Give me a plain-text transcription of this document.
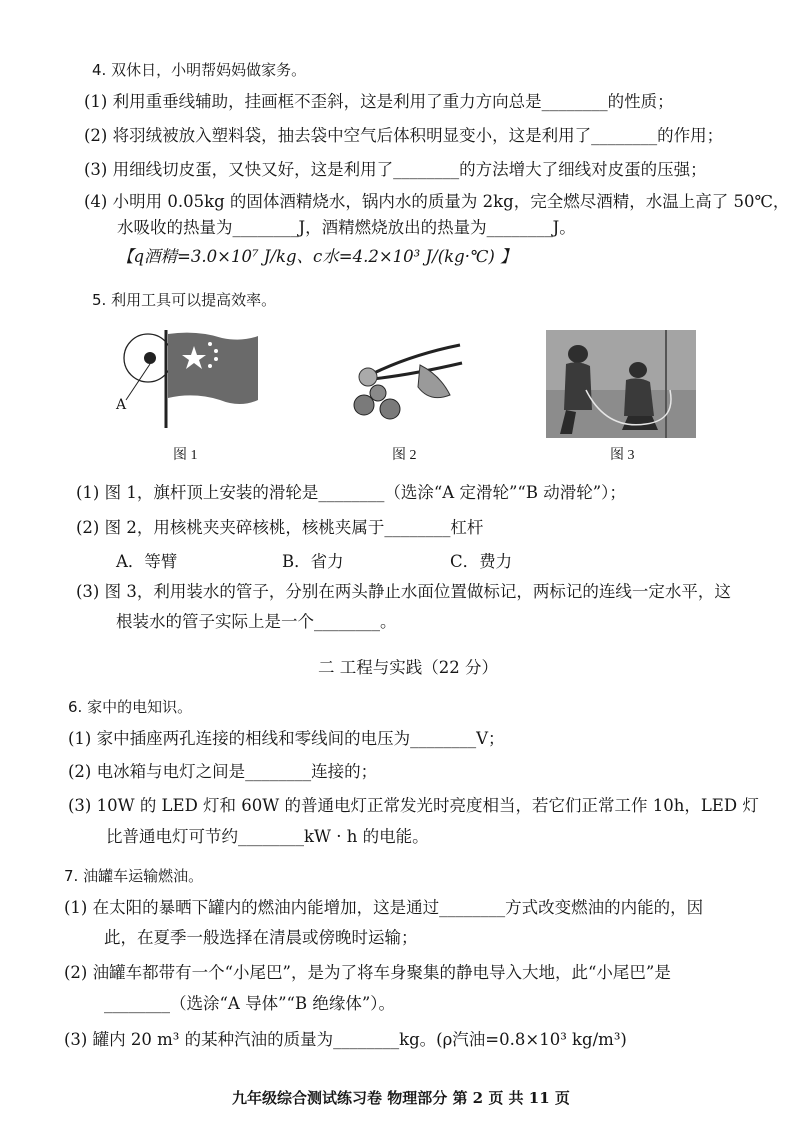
4. 双休日，小明帮妈妈做家务。
(1) 利用重垂线辅助，挂画框不歪斜，这是利用了重力方向总是________的性质；
(2) 将羽绒被放入塑料袋，抽去袋中空气后体积明显变小，这是利用了________的作用；
(3) 用细线切皮蛋，又快又好，这是利用了________的方法增大了细线对皮蛋的压强；
(4) 小明用 0.05kg 的固体酒精烧水，锅内水的质量为 2kg，完全燃尽酒精，水温上高了 50℃，
水吸收的热量为________J，酒精燃烧放出的热量为________J。
【q酒精=3.0×10⁷ J/kg、c水=4.2×10³ J/(kg·℃) 】
5. 利用工具可以提高效率。
A
图 1	图 2	图 3
(1) 图 1，旗杆顶上安装的滑轮是________（选涂“A 定滑轮”“B 动滑轮”）；
(2) 图 2，用核桃夹夹碎核桃，核桃夹属于________杠杆
A．等臂	B．省力	C．费力
(3) 图 3，利用装水的管子，分别在两头静止水面位置做标记，两标记的连线一定水平，这
根装水的管子实际上是一个________。
二 工程与实践（22 分）
6. 家中的电知识。
(1) 家中插座两孔连接的相线和零线间的电压为________V；
(2) 电冰箱与电灯之间是________连接的；
(3) 10W 的 LED 灯和 60W 的普通电灯正常发光时亮度相当，若它们正常工作 10h，LED 灯
比普通电灯可节约________kW · h 的电能。
7. 油罐车运输燃油。
(1) 在太阳的暴晒下罐内的燃油内能增加，这是通过________方式改变燃油的内能的，因
此，在夏季一般选择在清晨或傍晚时运输；
(2) 油罐车都带有一个“小尾巴”，是为了将车身聚集的静电导入大地，此“小尾巴”是
________（选涂“A 导体”“B 绝缘体”）。
(3) 罐内 20 m³ 的某种汽油的质量为________kg。(ρ汽油=0.8×10³ kg/m³)
九年级综合测试练习卷 物理部分 第 2 页 共 11 页
